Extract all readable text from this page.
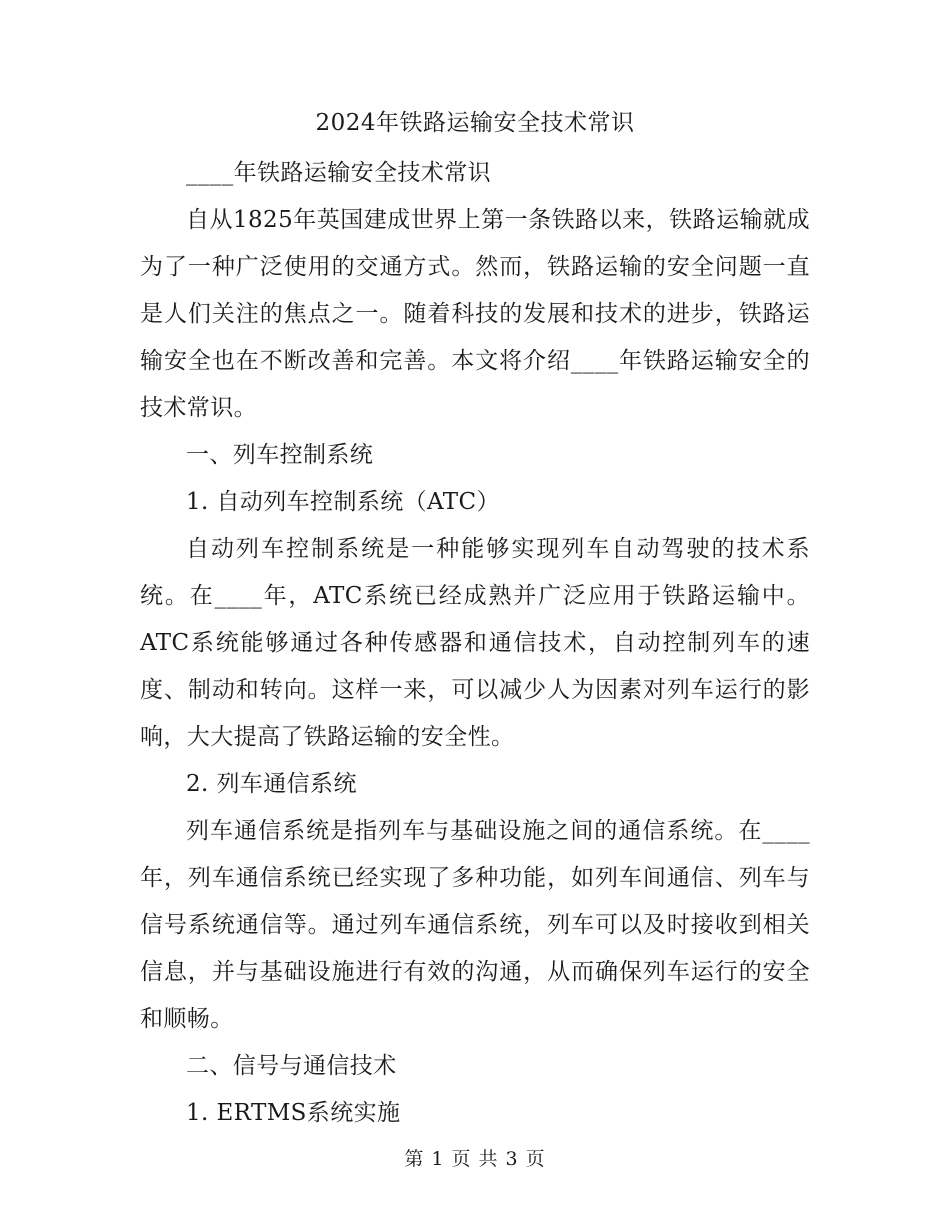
2024年铁路运输安全技术常识

____年铁路运输安全技术常识

自从1825年英国建成世界上第一条铁路以来，铁路运输就成为了一种广泛使用的交通方式。然而，铁路运输的安全问题一直是人们关注的焦点之一。随着科技的发展和技术的进步，铁路运输安全也在不断改善和完善。本文将介绍____年铁路运输安全的技术常识。

一、列车控制系统

1. 自动列车控制系统（ATC）

自动列车控制系统是一种能够实现列车自动驾驶的技术系统。在____年，ATC系统已经成熟并广泛应用于铁路运输中。ATC系统能够通过各种传感器和通信技术，自动控制列车的速度、制动和转向。这样一来，可以减少人为因素对列车运行的影响，大大提高了铁路运输的安全性。

2. 列车通信系统

列车通信系统是指列车与基础设施之间的通信系统。在____年，列车通信系统已经实现了多种功能，如列车间通信、列车与信号系统通信等。通过列车通信系统，列车可以及时接收到相关信息，并与基础设施进行有效的沟通，从而确保列车运行的安全和顺畅。

二、信号与通信技术

1. ERTMS系统实施

第 1 页 共 3 页
